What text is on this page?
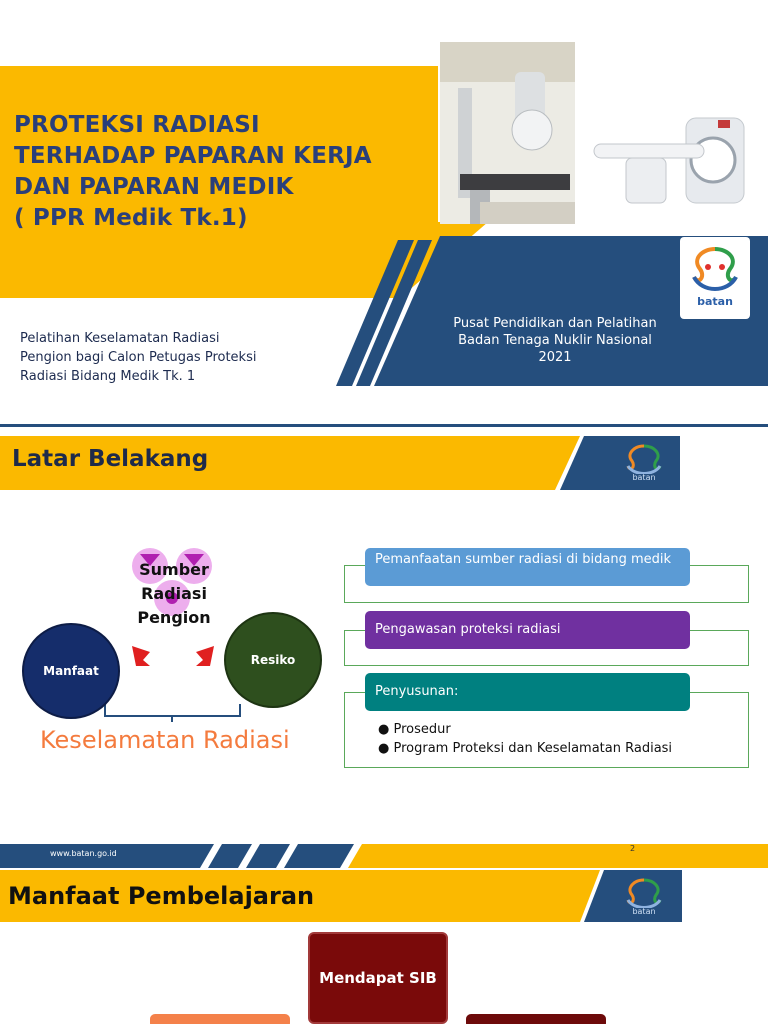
PROTEKSI RADIASI
TERHADAP PAPARAN KERJA
DAN PAPARAN MEDIK
( PPR Medik Tk.1)
Pelatihan Keselamatan Radiasi
Pengion bagi Calon Petugas Proteksi
Radiasi Bidang Medik Tk. 1
Pusat Pendidikan dan Pelatihan
Badan Tenaga Nuklir Nasional
2021
batan
Latar Belakang
batan
Sumber
Radiasi
Pengion
Manfaat
Resiko
Keselamatan Radiasi
Pemanfaatan sumber radiasi di bidang medik
Pengawasan proteksi radiasi
Penyusunan:
● Prosedur
● Program Proteksi dan Keselamatan Radiasi
www.batan.go.id
2
Manfaat Pembelajaran
batan
Mendapat SIB
